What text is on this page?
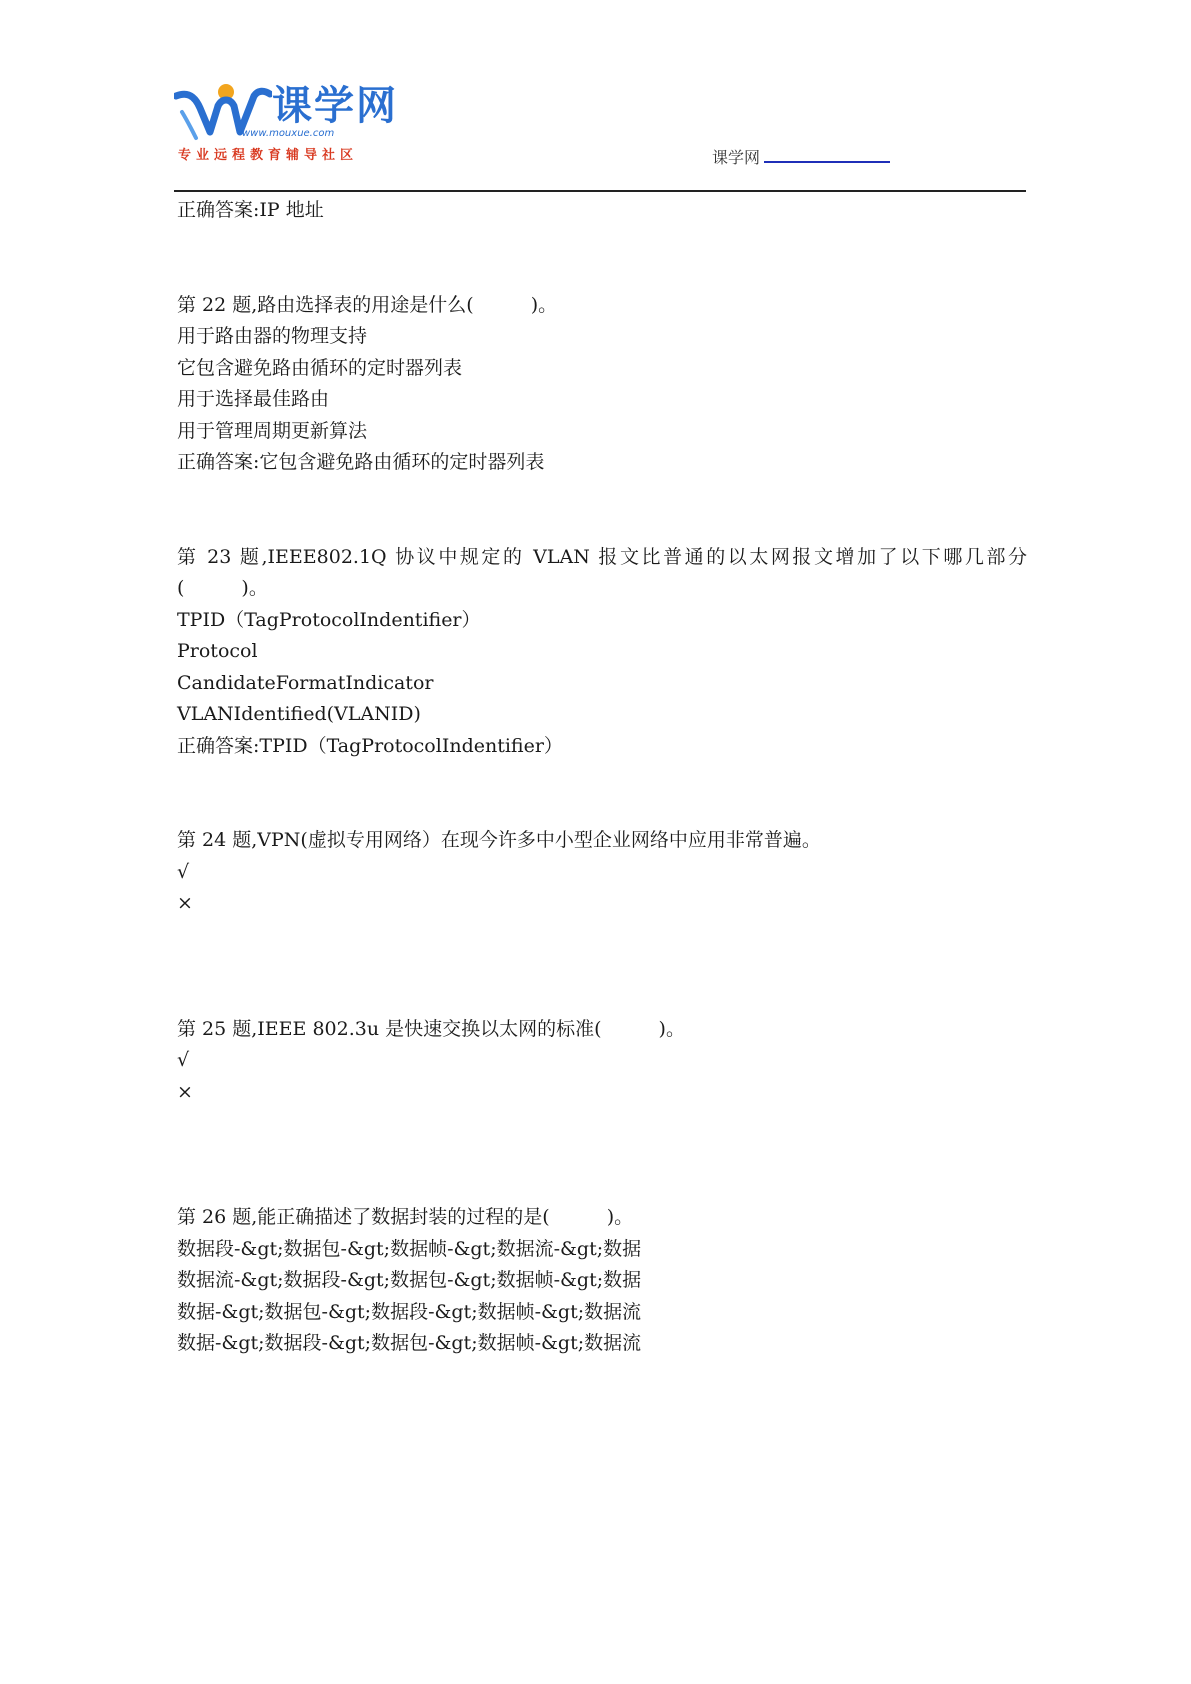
课学网
www.mouxue.com
专业远程教育辅导社区	课学网
正确答案:IP 地址
第 22 题,路由选择表的用途是什么(　　　)。
用于路由器的物理支持
它包含避免路由循环的定时器列表
用于选择最佳路由
用于管理周期更新算法
正确答案:它包含避免路由循环的定时器列表
第 23 题,IEEE802.1Q 协议中规定的 VLAN 报文比普通的以太网报文增加了以下哪几部分(　　　)。
TPID（TagProtocolIndentifier）
Protocol
CandidateFormatIndicator
VLANIdentified(VLANID)
正确答案:TPID（TagProtocolIndentifier）
第 24 题,VPN(虚拟专用网络）在现今许多中小型企业网络中应用非常普遍。
√
×
第 25 题,IEEE 802.3u 是快速交换以太网的标准(　　　)。
√
×
第 26 题,能正确描述了数据封装的过程的是(　　　)。
数据段-&gt;数据包-&gt;数据帧-&gt;数据流-&gt;数据
数据流-&gt;数据段-&gt;数据包-&gt;数据帧-&gt;数据
数据-&gt;数据包-&gt;数据段-&gt;数据帧-&gt;数据流
数据-&gt;数据段-&gt;数据包-&gt;数据帧-&gt;数据流
